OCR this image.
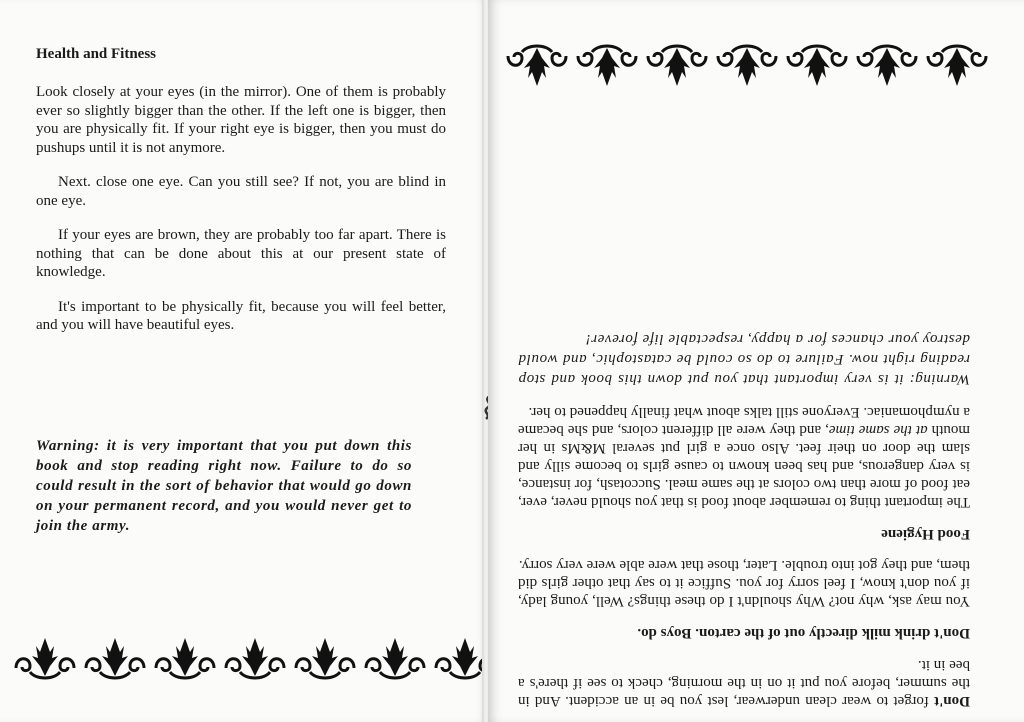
Health and Fitness

Look closely at your eyes (in the mirror). One of them is probably ever so slightly bigger than the other. If the left one is bigger, then you are physically fit. If your right eye is bigger, then you must do pushups until it is not anymore.

Next. close one eye. Can you still see? If not, you are blind in one eye.

If your eyes are brown, they are probably too far apart. There is nothing that can be done about this at our present state of knowledge.

It's important to be physically fit, because you will feel better, and you will have beautiful eyes.

Warning: it is very important that you put down this book and stop reading right now. Failure to do so could result in the sort of behavior that would go down on your permanent record, and you would never get to join the army.

Don't forget to wear clean underwear, lest you be in an accident. And in the summer, before you put it on in the morning, check to see if there's a bee in it.

Don't drink milk directly out of the carton. Boys do.

You may ask, why not? Why shouldn't I do these things? Well, young lady, if you don't know, I feel sorry for you. Suffice it to say that other girls did them, and they got into trouble. Later, those that were able were very sorry.

Food Hygiene

The important thing to remember about food is that you should never, ever, eat food of more than two colors at the same meal. Succotash, for instance, is very dangerous, and has been known to cause girls to become silly and slam the door on their feet. Also once a girl put several M&Ms in her mouth at the same time, and they were all different colors, and she became a nymphomaniac. Everyone still talks about what finally happened to her.

Warning: it is very important that you put down this book and stop reading right now. Failure to do so could be catastophic, and would destroy your chances for a happy, respectable life forever!
